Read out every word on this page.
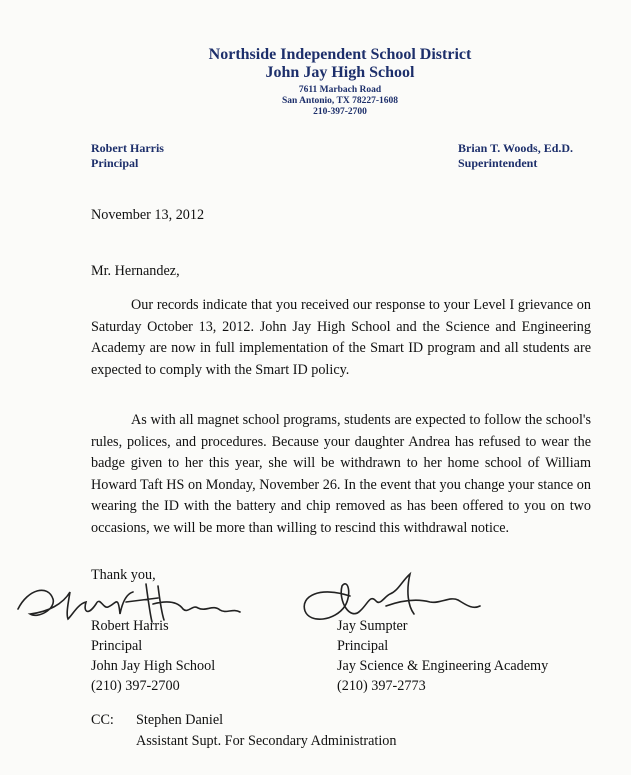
Northside Independent School District
John Jay High School
7611 Marbach Road
San Antonio, TX 78227-1608
210-397-2700
Robert Harris
Principal
Brian T. Woods, Ed.D.
Superintendent
November 13, 2012
Mr. Hernandez,
Our records indicate that you received our response to your Level I grievance on Saturday October 13, 2012. John Jay High School and the Science and Engineering Academy are now in full implementation of the Smart ID program and all students are expected to comply with the Smart ID policy.
As with all magnet school programs, students are expected to follow the school's rules, polices, and procedures. Because your daughter Andrea has refused to wear the badge given to her this year, she will be withdrawn to her home school of William Howard Taft HS on Monday, November 26. In the event that you change your stance on wearing the ID with the battery and chip removed as has been offered to you on two occasions, we will be more than willing to rescind this withdrawal notice.
Thank you,
Robert Harris
Principal
John Jay High School
(210) 397-2700
Jay Sumpter
Principal
Jay Science & Engineering Academy
(210) 397-2773
CC: Stephen Daniel
Assistant Supt. For Secondary Administration
